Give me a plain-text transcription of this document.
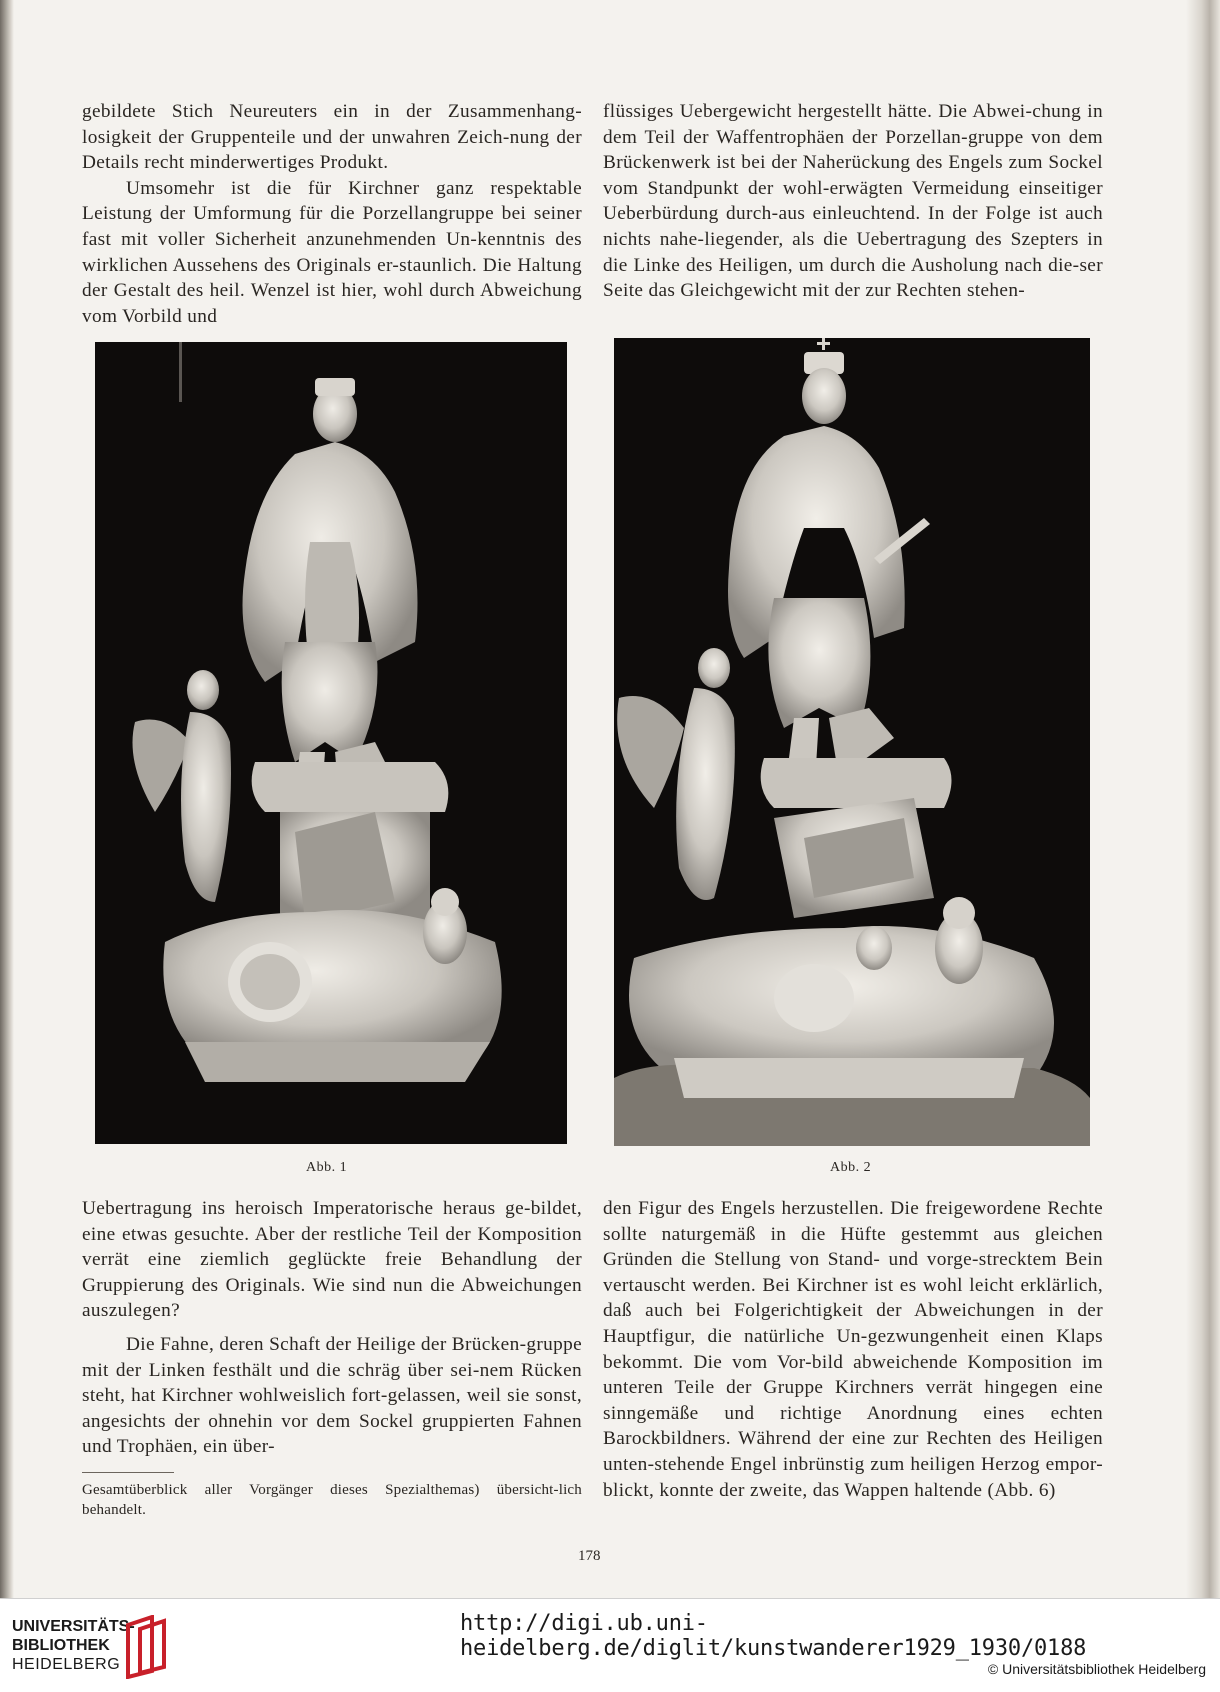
gebildete Stich Neureuters ein in der Zusammenhang-losigkeit der Gruppenteile und der unwahren Zeich-nung der Details recht minderwertiges Produkt.

Umsomehr ist die für Kirchner ganz respektable Leistung der Umformung für die Porzellangruppe bei seiner fast mit voller Sicherheit anzunehmenden Un-kenntnis des wirklichen Aussehens des Originals er-staunlich. Die Haltung der Gestalt des heil. Wenzel ist hier, wohl durch Abweichung vom Vorbild und

flüssiges Uebergewicht hergestellt hätte. Die Abwei-chung in dem Teil der Waffentrophäen der Porzellan-gruppe von dem Brückenwerk ist bei der Naherückung des Engels zum Sockel vom Standpunkt der wohl-erwägten Vermeidung einseitiger Ueberbürdung durch-aus einleuchtend. In der Folge ist auch nichts nahe-liegender, als die Uebertragung des Szepters in die Linke des Heiligen, um durch die Ausholung nach die-ser Seite das Gleichgewicht mit der zur Rechten stehen-

Abb. 1	Abb. 2

Uebertragung ins heroisch Imperatorische heraus ge-bildet, eine etwas gesuchte. Aber der restliche Teil der Komposition verrät eine ziemlich geglückte freie Behandlung der Gruppierung des Originals. Wie sind nun die Abweichungen auszulegen?

Die Fahne, deren Schaft der Heilige der Brücken-gruppe mit der Linken festhält und die schräg über sei-nem Rücken steht, hat Kirchner wohlweislich fort-gelassen, weil sie sonst, angesichts der ohnehin vor dem Sockel gruppierten Fahnen und Trophäen, ein über-

den Figur des Engels herzustellen. Die freigewordene Rechte sollte naturgemäß in die Hüfte gestemmt aus gleichen Gründen die Stellung von Stand- und vorge-strecktem Bein vertauscht werden. Bei Kirchner ist es wohl leicht erklärlich, daß auch bei Folgerichtigkeit der Abweichungen in der Hauptfigur, die natürliche Un-gezwungenheit einen Klaps bekommt. Die vom Vor-bild abweichende Komposition im unteren Teile der Gruppe Kirchners verrät hingegen eine sinngemäße und richtige Anordnung eines echten Barockbildners. Während der eine zur Rechten des Heiligen unten-stehende Engel inbrünstig zum heiligen Herzog empor-blickt, konnte der zweite, das Wappen haltende (Abb. 6)

Gesamtüberblick aller Vorgänger dieses Spezialthemas) übersicht-lich behandelt.
178
UNIVERSITÄTS-
BIBLIOTHEK
HEIDELBERG
http://digi.ub.uni-heidelberg.de/diglit/kunstwanderer1929_1930/0188
© Universitätsbibliothek Heidelberg
